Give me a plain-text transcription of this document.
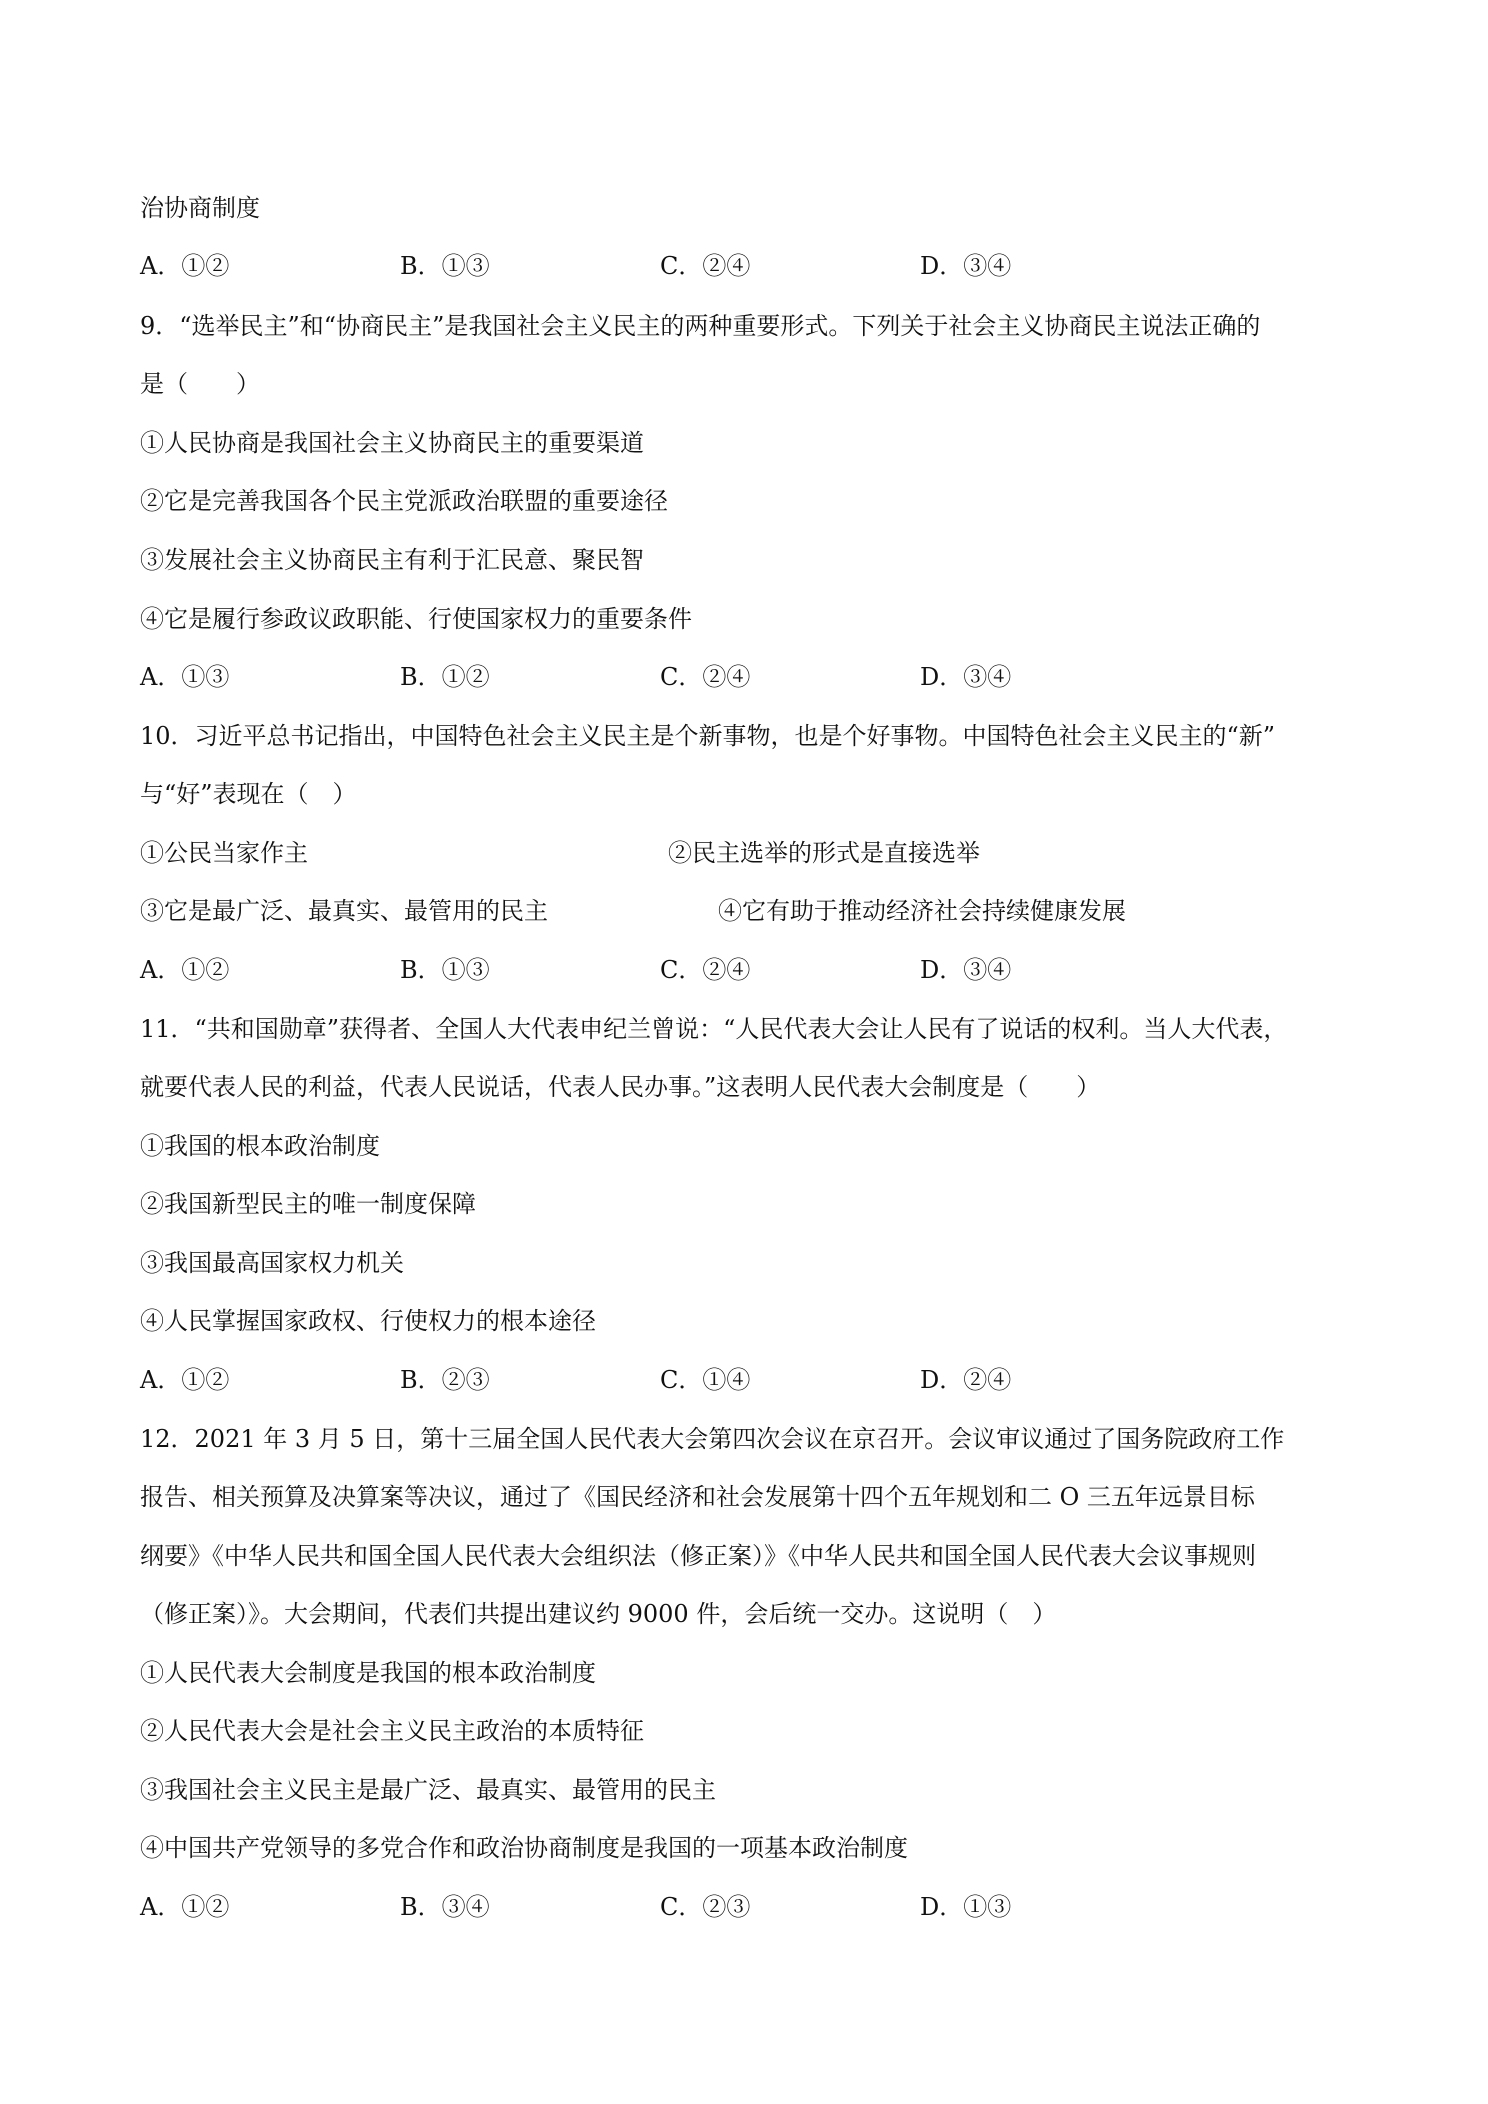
治协商制度
A．①②	B．①③	C．②④	D．③④
9．“选举民主”和“协商民主”是我国社会主义民主的两种重要形式。下列关于社会主义协商民主说法正确的
是（　　）
①人民协商是我国社会主义协商民主的重要渠道
②它是完善我国各个民主党派政治联盟的重要途径
③发展社会主义协商民主有利于汇民意、聚民智
④它是履行参政议政职能、行使国家权力的重要条件
A．①③	B．①②	C．②④	D．③④
10．习近平总书记指出，中国特色社会主义民主是个新事物，也是个好事物。中国特色社会主义民主的“新”
与“好”表现在（　）
①公民当家作主	②民主选举的形式是直接选举
③它是最广泛、最真实、最管用的民主	④它有助于推动经济社会持续健康发展
A．①②	B．①③	C．②④	D．③④
11．“共和国勋章”获得者、全国人大代表申纪兰曾说：“人民代表大会让人民有了说话的权利。当人大代表，
就要代表人民的利益，代表人民说话，代表人民办事。”这表明人民代表大会制度是（　　）
①我国的根本政治制度
②我国新型民主的唯一制度保障
③我国最高国家权力机关
④人民掌握国家政权、行使权力的根本途径
A．①②	B．②③	C．①④	D．②④
12．2021 年 3 月 5 日，第十三届全国人民代表大会第四次会议在京召开。会议审议通过了国务院政府工作
报告、相关预算及决算案等决议，通过了《国民经济和社会发展第十四个五年规划和二 O 三五年远景目标
纲要》《中华人民共和国全国人民代表大会组织法（修正案）》《中华人民共和国全国人民代表大会议事规则
（修正案）》。大会期间，代表们共提出建议约 9000 件，会后统一交办。这说明（　）
①人民代表大会制度是我国的根本政治制度
②人民代表大会是社会主义民主政治的本质特征
③我国社会主义民主是最广泛、最真实、最管用的民主
④中国共产党领导的多党合作和政治协商制度是我国的一项基本政治制度
A．①②	B．③④	C．②③	D．①③
